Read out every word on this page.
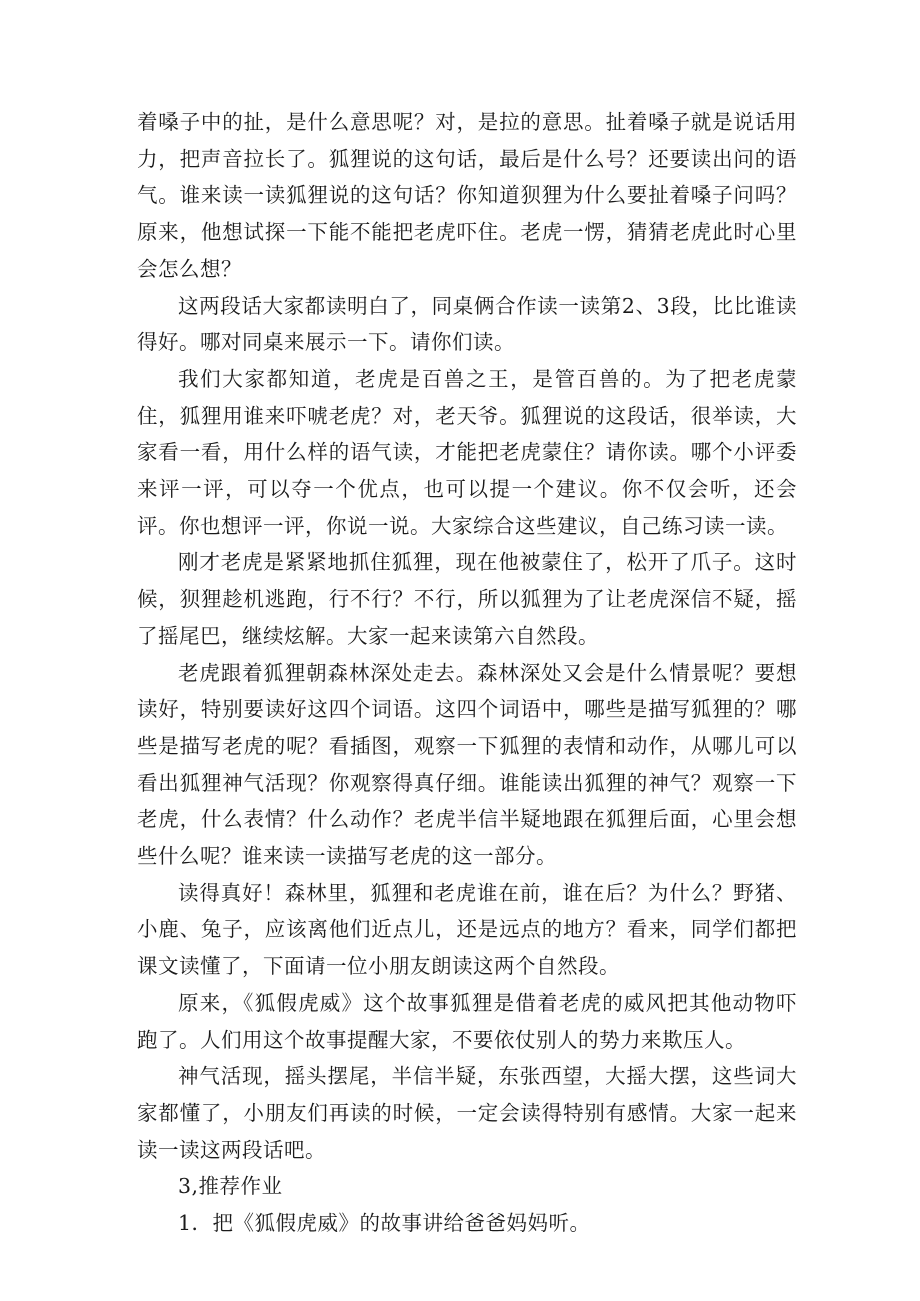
着嗓子中的扯，是什么意思呢？对，是拉的意思。扯着嗓子就是说话用力，把声音拉长了。狐狸说的这句话，最后是什么号？还要读出问的语气。谁来读一读狐狸说的这句话？你知道狈狸为什么要扯着嗓子问吗？原来，他想试探一下能不能把老虎吓住。老虎一愣，猜猜老虎此时心里会怎么想？

这两段话大家都读明白了，同桌俩合作读一读第2、3段，比比谁读得好。哪对同桌来展示一下。请你们读。

我们大家都知道，老虎是百兽之王，是管百兽的。为了把老虎蒙住，狐狸用谁来吓唬老虎？对，老天爷。狐狸说的这段话，很举读，大家看一看，用什么样的语气读，才能把老虎蒙住？请你读。哪个小评委来评一评，可以夺一个优点，也可以提一个建议。你不仅会听，还会评。你也想评一评，你说一说。大家综合这些建议，自己练习读一读。

刚才老虎是紧紧地抓住狐狸，现在他被蒙住了，松开了爪子。这时候，狈狸趁机逃跑，行不行？不行，所以狐狸为了让老虎深信不疑，摇了摇尾巴，继续炫解。大家一起来读第六自然段。

老虎跟着狐狸朝森林深处走去。森林深处又会是什么情景呢？要想读好，特别要读好这四个词语。这四个词语中，哪些是描写狐狸的？哪些是描写老虎的呢？看插图，观察一下狐狸的表情和动作，从哪儿可以看出狐狸神气活现？你观察得真仔细。谁能读出狐狸的神气？观察一下老虎，什么表情？什么动作？老虎半信半疑地跟在狐狸后面，心里会想些什么呢？谁来读一读描写老虎的这一部分。

读得真好！森林里，狐狸和老虎谁在前，谁在后？为什么？野猪、小鹿、兔子，应该离他们近点儿，还是远点的地方？看来，同学们都把课文读懂了，下面请一位小朋友朗读这两个自然段。

原来，《狐假虎威》这个故事狐狸是借着老虎的威风把其他动物吓跑了。人们用这个故事提醒大家，不要依仗别人的势力来欺压人。

神气活现，摇头摆尾，半信半疑，东张西望，大摇大摆，这些词大家都懂了，小朋友们再读的时候，一定会读得特别有感情。大家一起来读一读这两段话吧。

3,推荐作业

1．把《狐假虎威》的故事讲给爸爸妈妈听。
